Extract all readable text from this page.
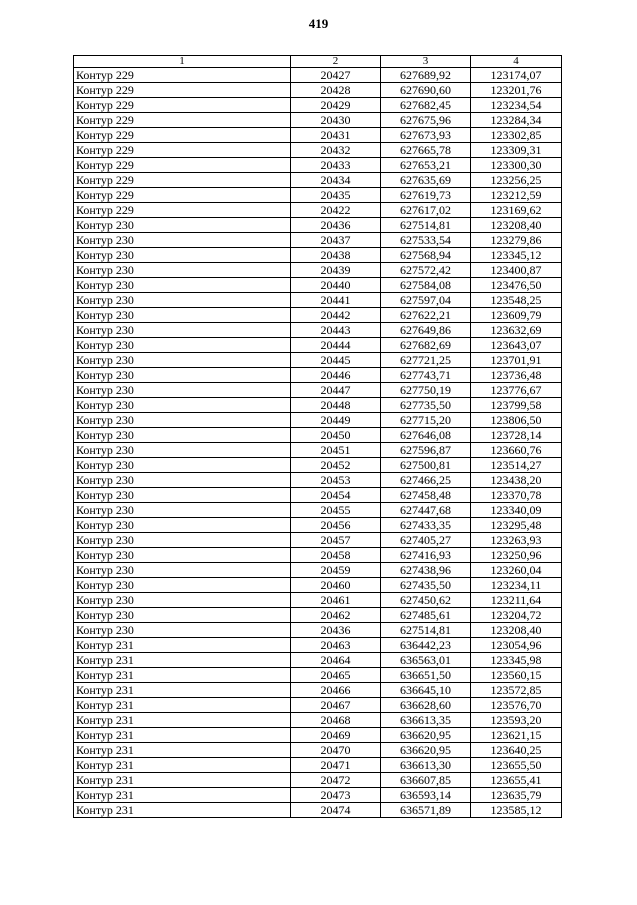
419
1	2	3	4
Контур 229	20427	627689,92	123174,07
Контур 229	20428	627690,60	123201,76
Контур 229	20429	627682,45	123234,54
Контур 229	20430	627675,96	123284,34
Контур 229	20431	627673,93	123302,85
Контур 229	20432	627665,78	123309,31
Контур 229	20433	627653,21	123300,30
Контур 229	20434	627635,69	123256,25
Контур 229	20435	627619,73	123212,59
Контур 229	20422	627617,02	123169,62
Контур 230	20436	627514,81	123208,40
Контур 230	20437	627533,54	123279,86
Контур 230	20438	627568,94	123345,12
Контур 230	20439	627572,42	123400,87
Контур 230	20440	627584,08	123476,50
Контур 230	20441	627597,04	123548,25
Контур 230	20442	627622,21	123609,79
Контур 230	20443	627649,86	123632,69
Контур 230	20444	627682,69	123643,07
Контур 230	20445	627721,25	123701,91
Контур 230	20446	627743,71	123736,48
Контур 230	20447	627750,19	123776,67
Контур 230	20448	627735,50	123799,58
Контур 230	20449	627715,20	123806,50
Контур 230	20450	627646,08	123728,14
Контур 230	20451	627596,87	123660,76
Контур 230	20452	627500,81	123514,27
Контур 230	20453	627466,25	123438,20
Контур 230	20454	627458,48	123370,78
Контур 230	20455	627447,68	123340,09
Контур 230	20456	627433,35	123295,48
Контур 230	20457	627405,27	123263,93
Контур 230	20458	627416,93	123250,96
Контур 230	20459	627438,96	123260,04
Контур 230	20460	627435,50	123234,11
Контур 230	20461	627450,62	123211,64
Контур 230	20462	627485,61	123204,72
Контур 230	20436	627514,81	123208,40
Контур 231	20463	636442,23	123054,96
Контур 231	20464	636563,01	123345,98
Контур 231	20465	636651,50	123560,15
Контур 231	20466	636645,10	123572,85
Контур 231	20467	636628,60	123576,70
Контур 231	20468	636613,35	123593,20
Контур 231	20469	636620,95	123621,15
Контур 231	20470	636620,95	123640,25
Контур 231	20471	636613,30	123655,50
Контур 231	20472	636607,85	123655,41
Контур 231	20473	636593,14	123635,79
Контур 231	20474	636571,89	123585,12
